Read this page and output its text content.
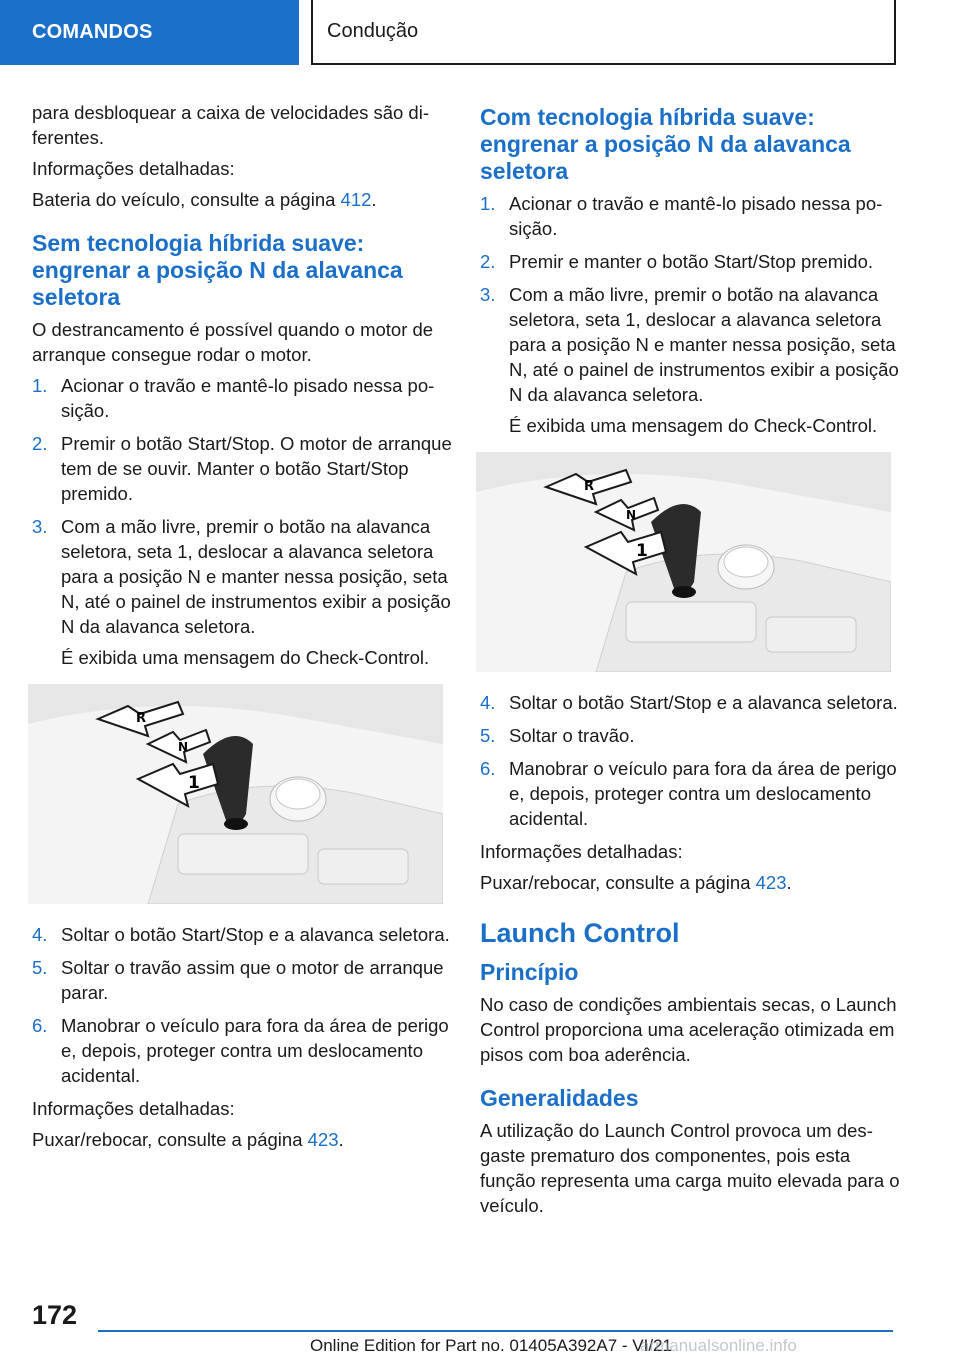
COMANDOS	Condução

para desbloquear a caixa de velocidades são diferentes.

Informações detalhadas:

Bateria do veículo, consulte a página 412.

Sem tecnologia híbrida suave: engrenar a posição N da alavanca seletora

O destrancamento é possível quando o motor de arranque consegue rodar o motor.

1. Acionar o travão e mantê-lo pisado nessa posição.
2. Premir o botão Start/Stop. O motor de arranque tem de se ouvir. Manter o botão Start/Stop premido.
3. Com a mão livre, premir o botão na alavanca seletora, seta 1, deslocar a alavanca seletora para a posição N e manter nessa posição, seta N, até o painel de instrumentos exibir a posição N da alavanca seletora.
É exibida uma mensagem do Check-Control.
R
N
1
4. Soltar o botão Start/Stop e a alavanca seletora.
5. Soltar o travão assim que o motor de arranque parar.
6. Manobrar o veículo para fora da área de perigo e, depois, proteger contra um deslocamento acidental.

Informações detalhadas:

Puxar/rebocar, consulte a página 423.

Com tecnologia híbrida suave: engrenar a posição N da alavanca seletora
1. Acionar o travão e mantê-lo pisado nessa posição.
2. Premir e manter o botão Start/Stop premido.
3. Com a mão livre, premir o botão na alavanca seletora, seta 1, deslocar a alavanca seletora para a posição N e manter nessa posição, seta N, até o painel de instrumentos exibir a posição N da alavanca seletora.
É exibida uma mensagem do Check-Control.
R
N
1
4. Soltar o botão Start/Stop e a alavanca seletora.
5. Soltar o travão.
6. Manobrar o veículo para fora da área de perigo e, depois, proteger contra um deslocamento acidental.

Informações detalhadas:

Puxar/rebocar, consulte a página 423.

Launch Control
Princípio

No caso de condições ambientais secas, o Launch Control proporciona uma aceleração otimizada em pisos com boa aderência.

Generalidades

A utilização do Launch Control provoca um desgaste prematuro dos componentes, pois esta função representa uma carga muito elevada para o veículo.

172
Online Edition for Part no. 01405A392A7 - VI/21
armanualsonline.info
